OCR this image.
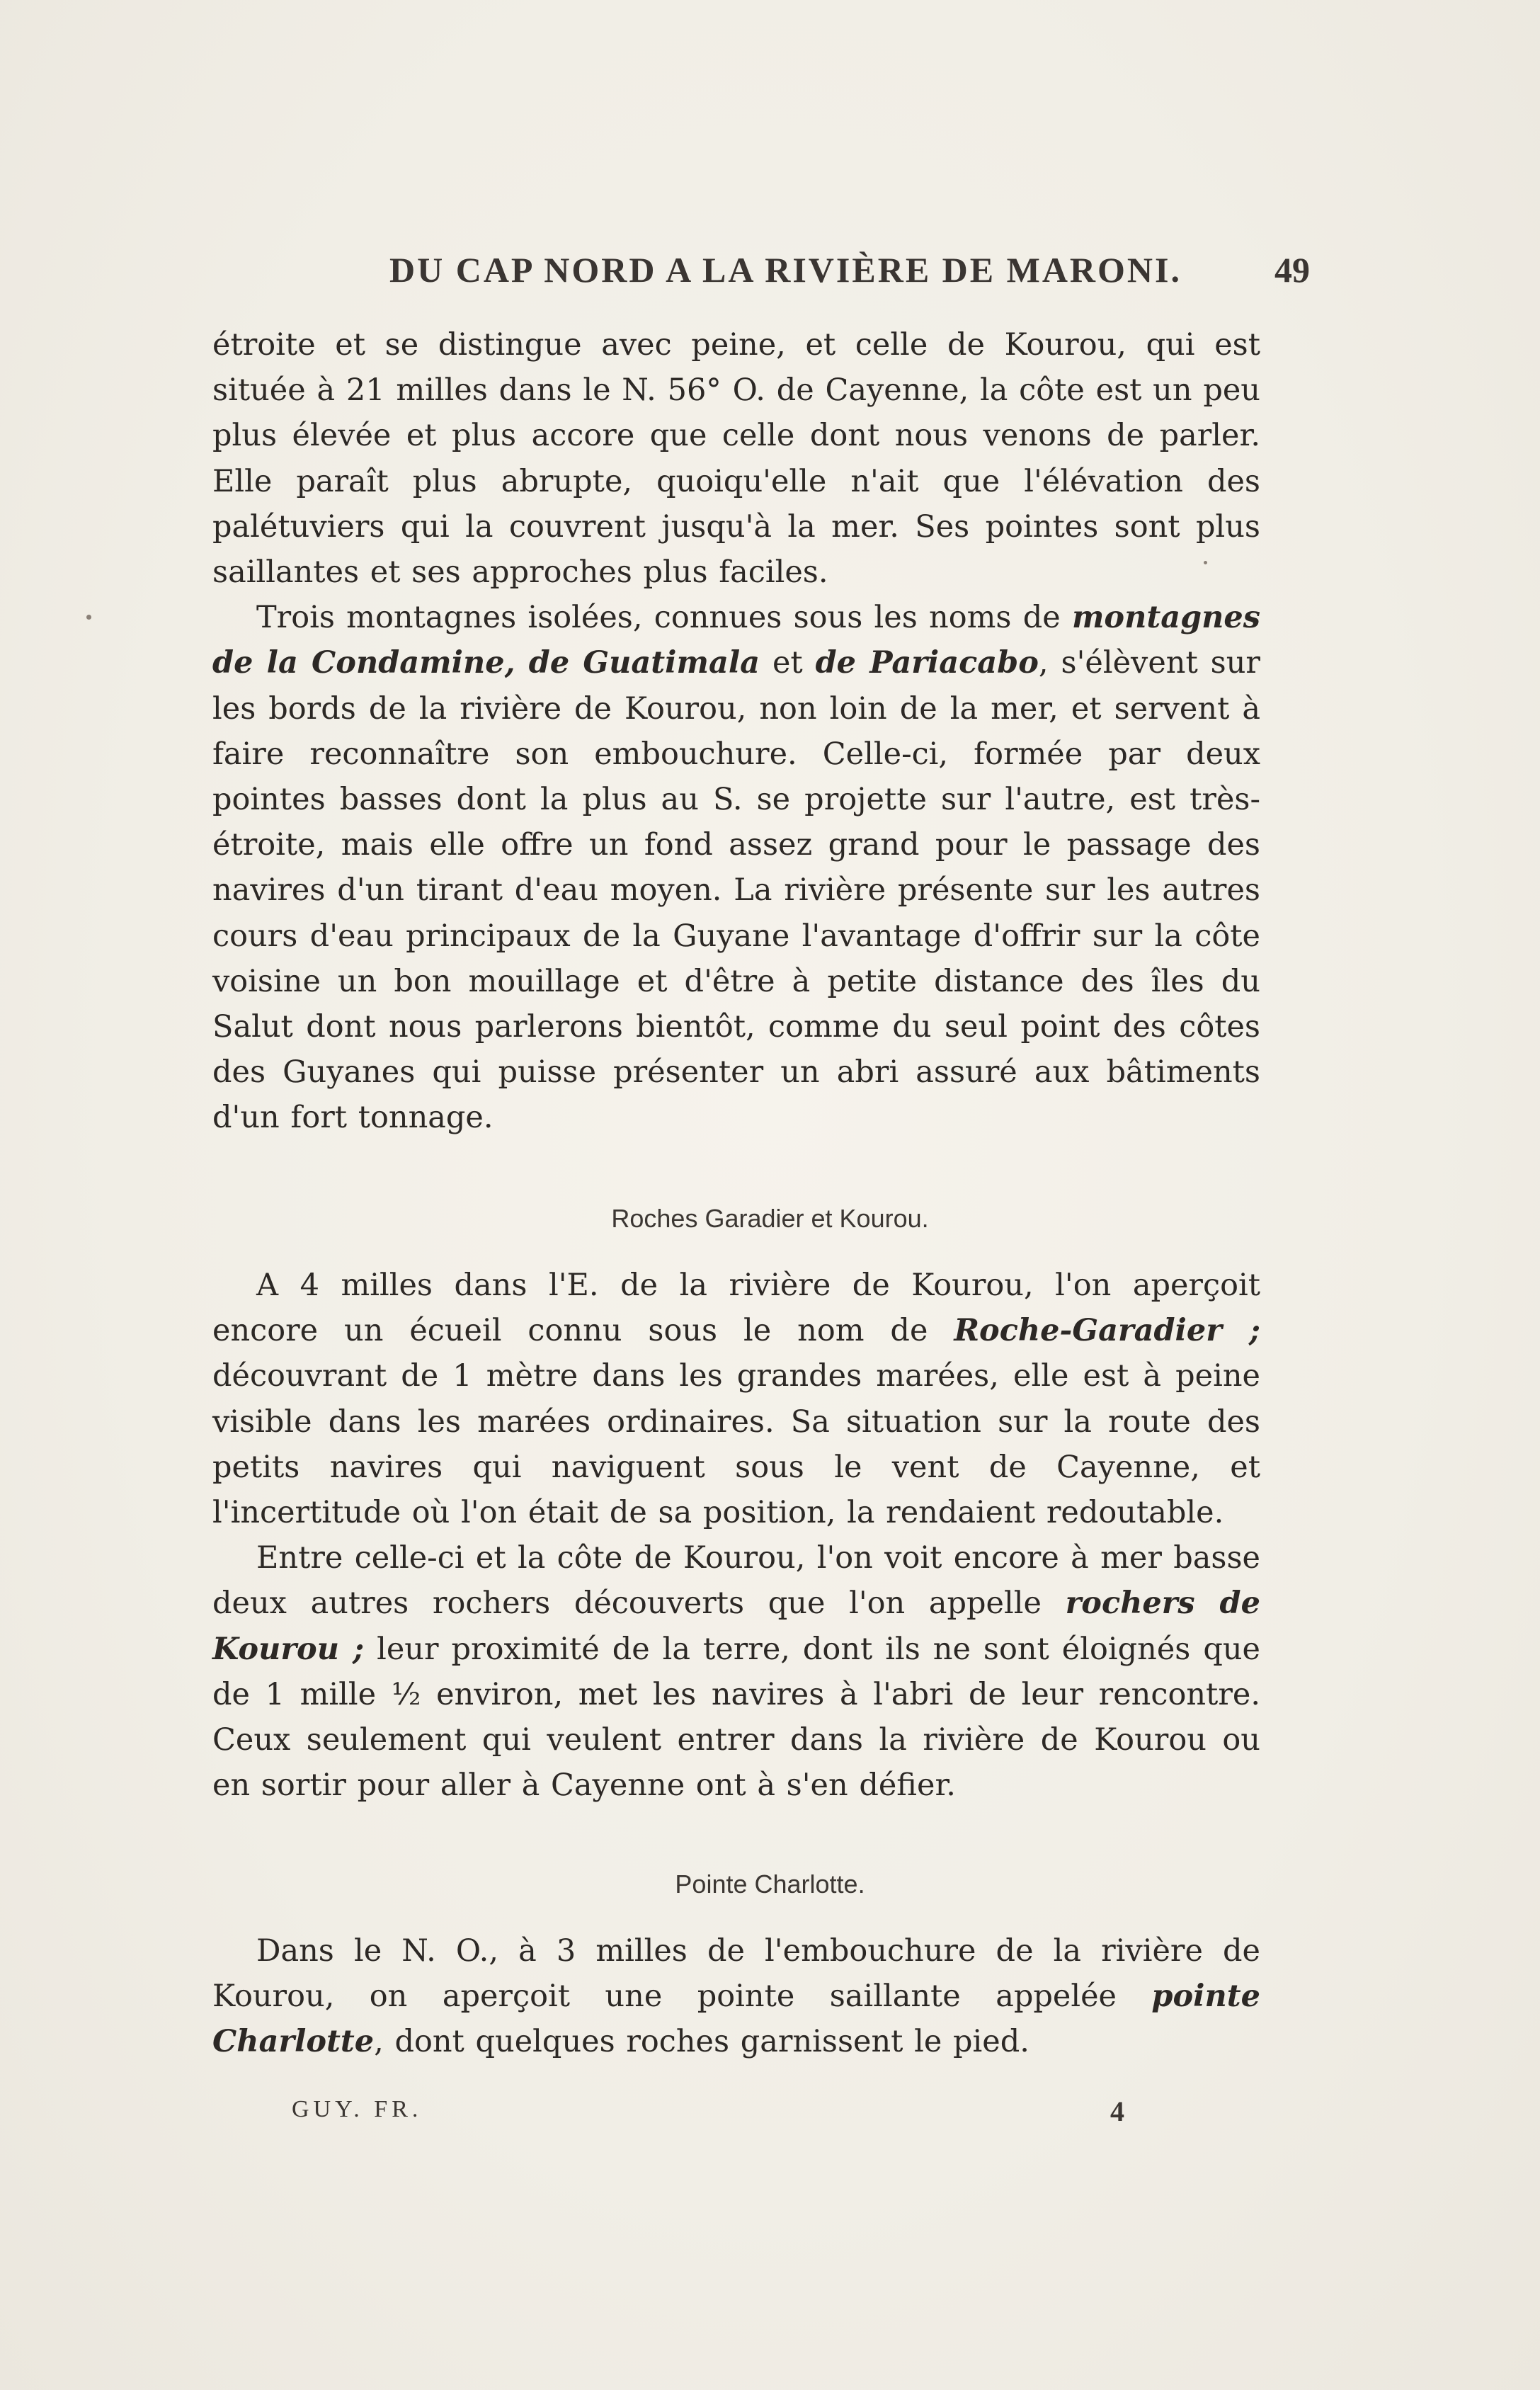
DU CAP NORD A LA RIVIÈRE DE MARONI.	49

étroite et se distingue avec peine, et celle de Kourou, qui est située à 21 milles dans le N. 56° O. de Cayenne, la côte est un peu plus élevée et plus accore que celle dont nous venons de parler. Elle paraît plus abrupte, quoiqu'elle n'ait que l'élévation des palétuviers qui la couvrent jusqu'à la mer. Ses pointes sont plus saillantes et ses approches plus faciles.

Trois montagnes isolées, connues sous les noms de montagnes de la Condamine, de Guatimala et de Pariacabo, s'élèvent sur les bords de la rivière de Kourou, non loin de la mer, et servent à faire reconnaître son embouchure. Celle-ci, formée par deux pointes basses dont la plus au S. se projette sur l'autre, est très-étroite, mais elle offre un fond assez grand pour le passage des navires d'un tirant d'eau moyen. La rivière présente sur les autres cours d'eau principaux de la Guyane l'avantage d'offrir sur la côte voisine un bon mouillage et d'être à petite distance des îles du Salut dont nous parlerons bientôt, comme du seul point des côtes des Guyanes qui puisse présenter un abri assuré aux bâtiments d'un fort tonnage.

Roches Garadier et Kourou.

A 4 milles dans l'E. de la rivière de Kourou, l'on aperçoit encore un écueil connu sous le nom de Roche-Garadier ; découvrant de 1 mètre dans les grandes marées, elle est à peine visible dans les marées ordinaires. Sa situation sur la route des petits navires qui naviguent sous le vent de Cayenne, et l'incertitude où l'on était de sa position, la rendaient redoutable.

Entre celle-ci et la côte de Kourou, l'on voit encore à mer basse deux autres rochers découverts que l'on appelle rochers de Kourou ; leur proximité de la terre, dont ils ne sont éloignés que de 1 mille ½ environ, met les navires à l'abri de leur rencontre. Ceux seulement qui veulent entrer dans la rivière de Kourou ou en sortir pour aller à Cayenne ont à s'en défier.

Pointe Charlotte.

Dans le N. O., à 3 milles de l'embouchure de la rivière de Kourou, on aperçoit une pointe saillante appelée pointe Charlotte, dont quelques roches garnissent le pied.

GUY. FR.	4
